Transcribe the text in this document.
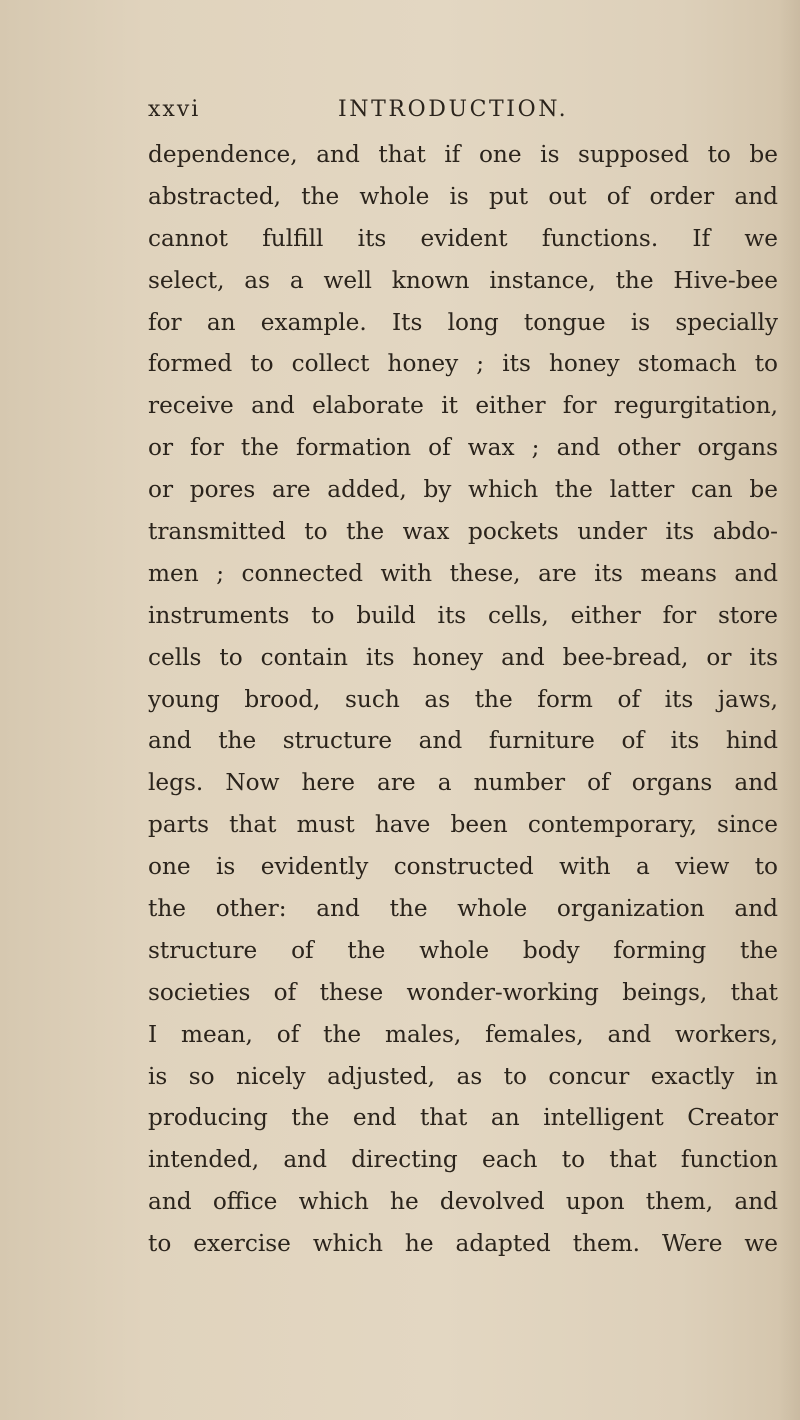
xxvi	INTRODUCTION.
dependence, and that if one is supposed to be
abstracted, the whole is put out of order and
cannot fulfill its evident functions. If we
select, as a well known instance, the Hive-bee
for an example. Its long tongue is specially
formed to collect honey ; its honey stomach to
receive and elaborate it either for regurgitation,
or for the formation of wax ; and other organs
or pores are added, by which the latter can be
transmitted to the wax pockets under its abdo-
men ; connected with these, are its means and
instruments to build its cells, either for store
cells to contain its honey and bee-bread, or its
young brood, such as the form of its jaws,
and the structure and furniture of its hind
legs. Now here are a number of organs and
parts that must have been contemporary, since
one is evidently constructed with a view to
the other: and the whole organization and
structure of the whole body forming the
societies of these wonder-working beings, that
I mean, of the males, females, and workers,
is so nicely adjusted, as to concur exactly in
producing the end that an intelligent Creator
intended, and directing each to that function
and office which he devolved upon them, and
to exercise which he adapted them. Were we
